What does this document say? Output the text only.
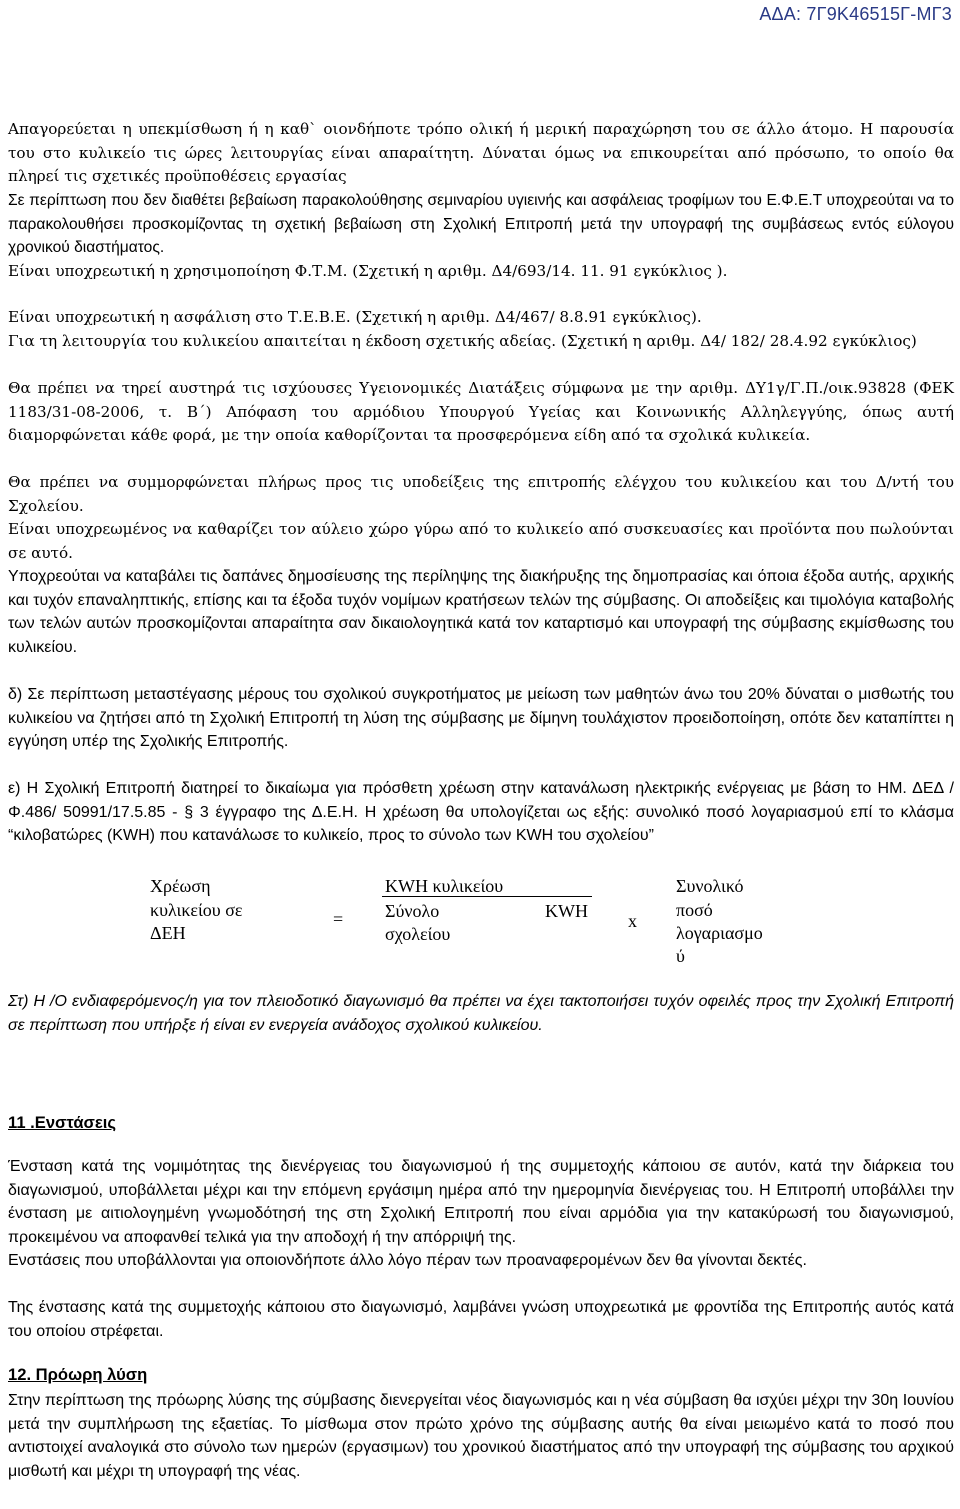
ΑΔΑ: 7Γ9Κ46515Γ-ΜΓ3

Απαγορεύεται η υπεκμίσθωση ή η καθ` οιονδήποτε τρόπο ολική ή μερική παραχώρηση του σε άλλο άτομο. Η παρουσία του στο κυλικείο τις ώρες λειτουργίας είναι απαραίτητη. Δύναται όμως να επικουρείται από πρόσωπο, το οποίο θα πληρεί τις σχετικές προϋποθέσεις εργασίας

Σε περίπτωση που δεν διαθέτει βεβαίωση παρακολούθησης σεμιναρίου υγιεινής και ασφάλειας τροφίμων του Ε.Φ.Ε.Τ υποχρεούται να το παρακολουθήσει προσκομίζοντας τη σχετική βεβαίωση στη Σχολική Επιτροπή μετά την υπογραφή της συμβάσεως εντός εύλογου χρονικού διαστήματος.

Είναι υποχρεωτική η χρησιμοποίηση Φ.Τ.Μ. (Σχετική η αριθμ. Δ4/693/14. 11. 91 εγκύκλιος ).

Είναι υποχρεωτική η ασφάλιση στο Τ.Ε.Β.Ε. (Σχετική η αριθμ. Δ4/467/ 8.8.91 εγκύκλιος).

Για τη λειτουργία του κυλικείου απαιτείται η έκδοση σχετικής αδείας. (Σχετική η αριθμ. Δ4/ 182/ 28.4.92 εγκύκλιος)

Θα πρέπει να τηρεί αυστηρά τις ισχύουσες Υγειονομικές Διατάξεις σύμφωνα με την αριθμ. ΔΥ1γ/Γ.Π./οικ.93828 (ΦΕΚ 1183/31-08-2006, τ. Β΄) Απόφαση του αρμόδιου Υπουργού Υγείας και Κοινωνικής Αλληλεγγύης, όπως αυτή διαμορφώνεται κάθε φορά, με την οποία καθορίζονται τα προσφερόμενα είδη από τα σχολικά κυλικεία.

Θα πρέπει να συμμορφώνεται πλήρως προς τις υποδείξεις της επιτροπής ελέγχου του κυλικείου και του Δ/ντή του Σχολείου.

Είναι υποχρεωμένος να καθαρίζει τον αύλειο χώρο γύρω από το κυλικείο από συσκευασίες και προϊόντα που πωλούνται σε αυτό.

Υποχρεούται να καταβάλει τις δαπάνες δημοσίευσης της περίληψης της διακήρυξης της δημοπρασίας και όποια έξοδα αυτής, αρχικής και τυχόν επαναληπτικής, επίσης και τα έξοδα τυχόν νομίμων κρατήσεων τελών της σύμβασης. Οι αποδείξεις και τιμολόγια καταβολής των τελών αυτών προσκομίζονται απαραίτητα σαν δικαιολογητικά κατά τον καταρτισμό και υπογραφή της σύμβασης εκμίσθωσης του κυλικείου.

δ) Σε περίπτωση μεταστέγασης μέρους του σχολικού συγκροτήματος με μείωση των μαθητών άνω του 20% δύναται ο μισθωτής του κυλικείου να ζητήσει από τη Σχολική Επιτροπή τη λύση της σύμβασης με δίμηνη τουλάχιστον προειδοποίηση, οπότε δεν καταπίπτει η εγγύηση υπέρ της Σχολικής Επιτροπής.

ε) Η Σχολική Επιτροπή διατηρεί το δικαίωμα για πρόσθετη χρέωση στην κατανάλωση ηλεκτρικής ενέργειας με βάση το ΗΜ. ΔΕΔ /Φ.486/ 50991/17.5.85 - § 3 έγγραφο της Δ.Ε.Η. Η χρέωση θα υπολογίζεται ως εξής: συνολικό ποσό λογαριασμού επί το κλάσμα “κιλοβατώρες (KWH) που κατανάλωσε το κυλικείο, προς το σύνολο των KWH του σχολείου”

Χρέωση

κυλικείου σε

ΔΕΗ

=

KWH κυλικείου

Σύνολο	KWH

σχολείου

x

Συνολικό

ποσό

λογαριασμο

ύ

Στ) Η /Ο ενδιαφερόμενος/η για τον πλειοδοτικό διαγωνισμό θα πρέπει να έχει τακτοποιήσει τυχόν οφειλές προς την Σχολική Επιτροπή σε περίπτωση που υπήρξε ή είναι εν ενεργεία ανάδοχος σχολικού κυλικείου.

11 .Ενστάσεις

Ένσταση κατά της νομιμότητας της διενέργειας του διαγωνισμού ή της συμμετοχής κάποιου σε αυτόν, κατά την διάρκεια του διαγωνισμού, υποβάλλεται μέχρι και την επόμενη εργάσιμη ημέρα από την ημερομηνία διενέργειας του. Η Επιτροπή υποβάλλει την ένσταση με αιτιολογημένη γνωμοδότησή της στη Σχολική Επιτροπή που είναι αρμόδια για την κατακύρωσή του διαγωνισμού, προκειμένου να αποφανθεί τελικά για την αποδοχή ή την απόρριψή της.

Ενστάσεις που υποβάλλονται για οποιονδήποτε άλλο λόγο πέραν των προαναφερομένων δεν θα γίνονται δεκτές.

Της ένστασης κατά της συμμετοχής κάποιου στο διαγωνισμό, λαμβάνει γνώση υποχρεωτικά με φροντίδα της Επιτροπής αυτός κατά του οποίου στρέφεται.

12. Πρόωρη λύση

Στην περίπτωση της πρόωρης λύσης της σύμβασης διενεργείται νέος διαγωνισμός και η νέα σύμβαση θα ισχύει μέχρι την 30η Ιουνίου μετά την συμπλήρωση της εξαετίας. Το μίσθωμα στον πρώτο χρόνο της σύμβασης αυτής θα είναι μειωμένο κατά το ποσό που αντιστοιχεί αναλογικά στο σύνολο των ημερών (εργασιμων) του χρονικού διαστήματος από την υπογραφή της σύμβασης του αρχικού μισθωτή και μέχρι τη υπογραφή της νέας.
